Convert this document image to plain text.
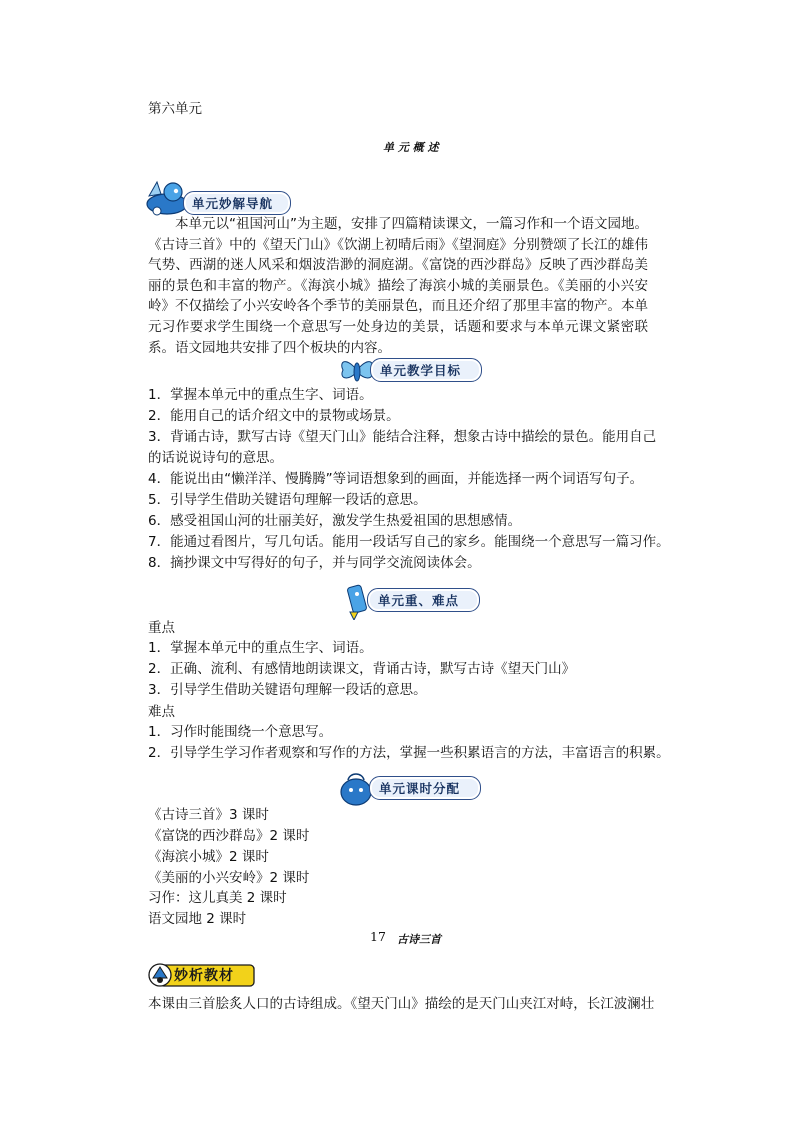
第六单元
单 元 概 述
单元妙解导航
本单元以“祖国河山”为主题，安排了四篇精读课文，一篇习作和一个语文园地。《古诗三首》中的《望天门山》《饮湖上初晴后雨》《望洞庭》分别赞颂了长江的雄伟气势、西湖的迷人风采和烟波浩渺的洞庭湖。《富饶的西沙群岛》反映了西沙群岛美丽的景色和丰富的物产。《海滨小城》描绘了海滨小城的美丽景色。《美丽的小兴安岭》不仅描绘了小兴安岭各个季节的美丽景色，而且还介绍了那里丰富的物产。本单元习作要求学生围绕一个意思写一处身边的美景，话题和要求与本单元课文紧密联系。语文园地共安排了四个板块的内容。
单元教学目标
1．掌握本单元中的重点生字、词语。
2．能用自己的话介绍文中的景物或场景。
3．背诵古诗，默写古诗《望天门山》能结合注释，想象古诗中描绘的景色。能用自己
的话说说诗句的意思。
4．能说出由“懒洋洋、慢腾腾”等词语想象到的画面，并能选择一两个词语写句子。
5．引导学生借助关键语句理解一段话的意思。
6．感受祖国山河的壮丽美好，激发学生热爱祖国的思想感情。
7．能通过看图片，写几句话。能用一段话写自己的家乡。能围绕一个意思写一篇习作。
8．摘抄课文中写得好的句子，并与同学交流阅读体会。
单元重、难点
重点
1．掌握本单元中的重点生字、词语。
2．正确、流利、有感情地朗读课文，背诵古诗，默写古诗《望天门山》
3．引导学生借助关键语句理解一段话的意思。
难点
1．习作时能围绕一个意思写。
2．引导学生学习作者观察和写作的方法，掌握一些积累语言的方法，丰富语言的积累。
单元课时分配
《古诗三首》3 课时
《富饶的西沙群岛》2 课时
《海滨小城》2 课时
《美丽的小兴安岭》2 课时
习作：这儿真美 2 课时
语文园地 2 课时
17 古诗三首
妙析教材
本课由三首脍炙人口的古诗组成。《望天门山》描绘的是天门山夹江对峙，长江波澜壮
